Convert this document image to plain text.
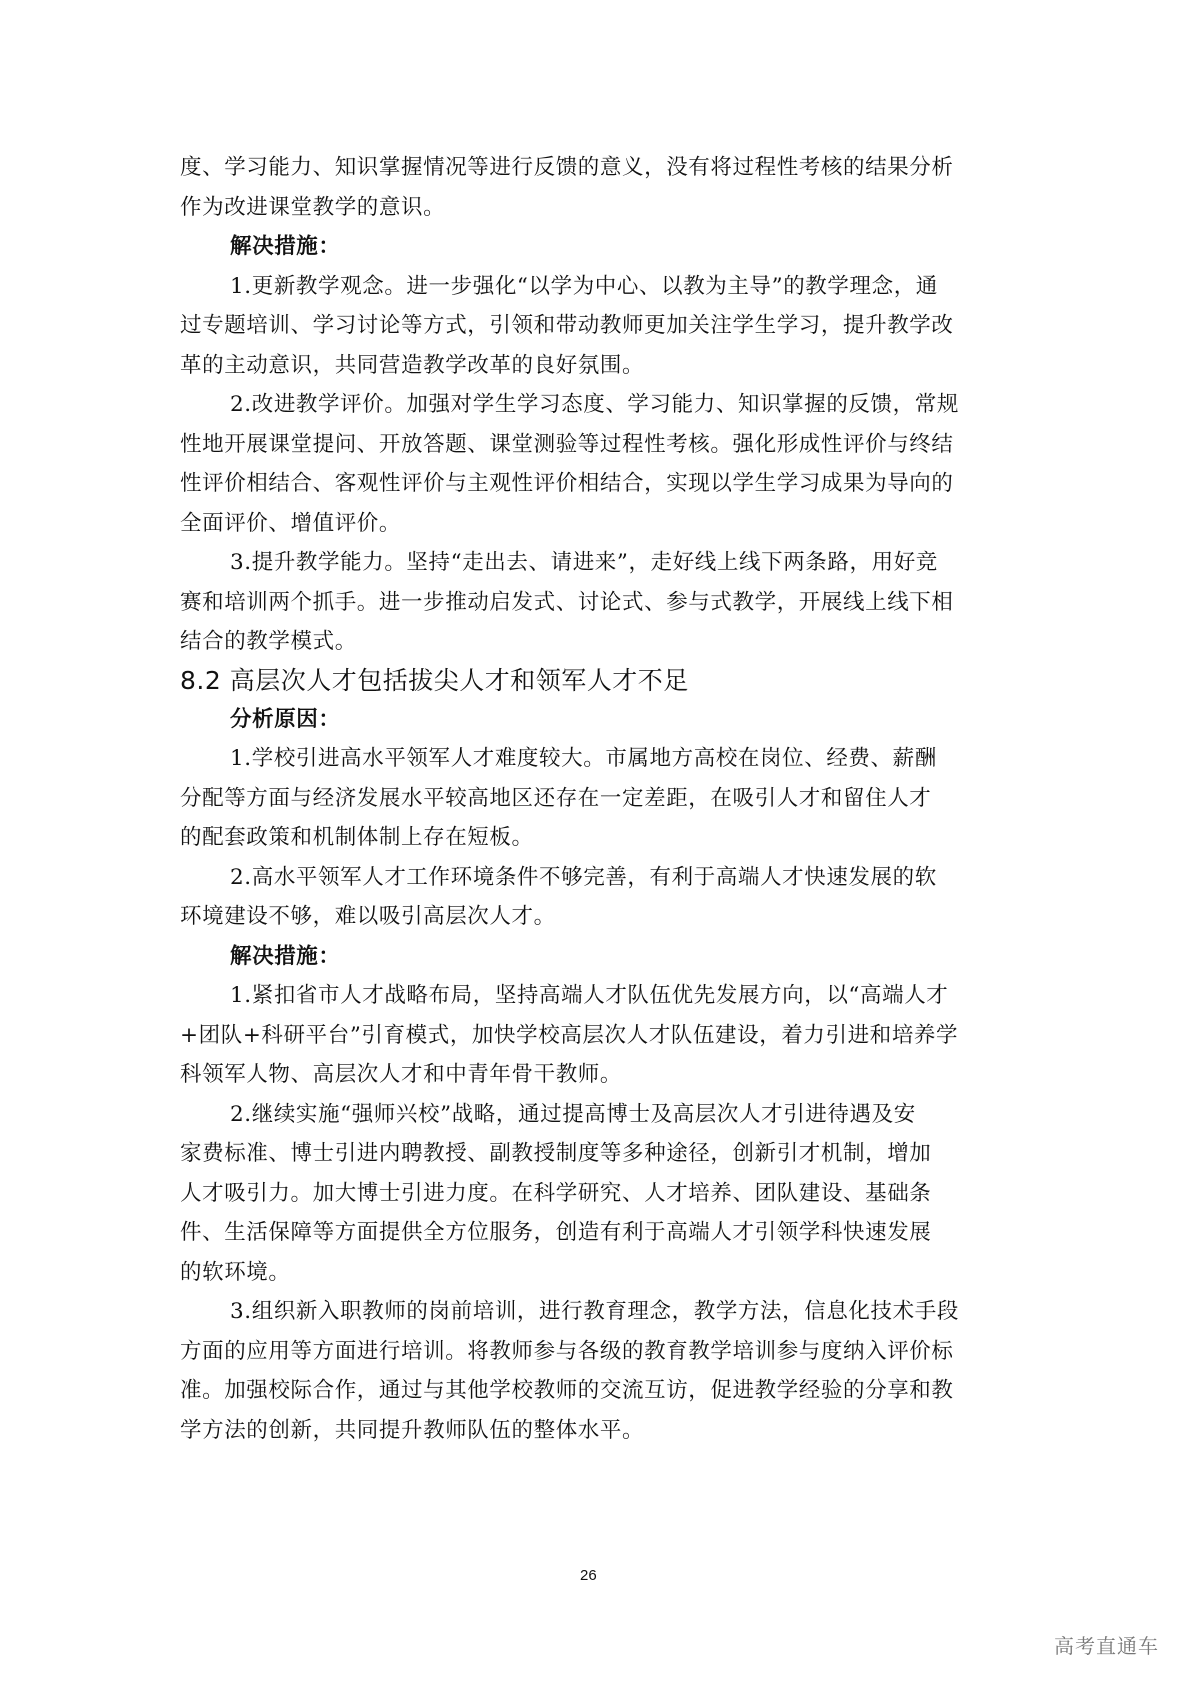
度、学习能力、知识掌握情况等进行反馈的意义，没有将过程性考核的结果分析
作为改进课堂教学的意识。
解决措施：
1.更新教学观念。进一步强化“以学为中心、以教为主导”的教学理念，通
过专题培训、学习讨论等方式，引领和带动教师更加关注学生学习，提升教学改
革的主动意识，共同营造教学改革的良好氛围。
2.改进教学评价。加强对学生学习态度、学习能力、知识掌握的反馈，常规
性地开展课堂提问、开放答题、课堂测验等过程性考核。强化形成性评价与终结
性评价相结合、客观性评价与主观性评价相结合，实现以学生学习成果为导向的
全面评价、增值评价。
3.提升教学能力。坚持“走出去、请进来”，走好线上线下两条路，用好竞
赛和培训两个抓手。进一步推动启发式、讨论式、参与式教学，开展线上线下相
结合的教学模式。
8.2 高层次人才包括拔尖人才和领军人才不足
分析原因：
1.学校引进高水平领军人才难度较大。市属地方高校在岗位、经费、薪酬
分配等方面与经济发展水平较高地区还存在一定差距，在吸引人才和留住人才
的配套政策和机制体制上存在短板。
2.高水平领军人才工作环境条件不够完善，有利于高端人才快速发展的软
环境建设不够，难以吸引高层次人才。
解决措施：
1.紧扣省市人才战略布局，坚持高端人才队伍优先发展方向，以“高端人才
+团队+科研平台”引育模式，加快学校高层次人才队伍建设，着力引进和培养学
科领军人物、高层次人才和中青年骨干教师。
2.继续实施“强师兴校”战略，通过提高博士及高层次人才引进待遇及安
家费标准、博士引进内聘教授、副教授制度等多种途径，创新引才机制，增加
人才吸引力。加大博士引进力度。在科学研究、人才培养、团队建设、基础条
件、生活保障等方面提供全方位服务，创造有利于高端人才引领学科快速发展
的软环境。
3.组织新入职教师的岗前培训，进行教育理念，教学方法，信息化技术手段
方面的应用等方面进行培训。将教师参与各级的教育教学培训参与度纳入评价标
准。加强校际合作，通过与其他学校教师的交流互访，促进教学经验的分享和教
学方法的创新，共同提升教师队伍的整体水平。
26
高考直通车
